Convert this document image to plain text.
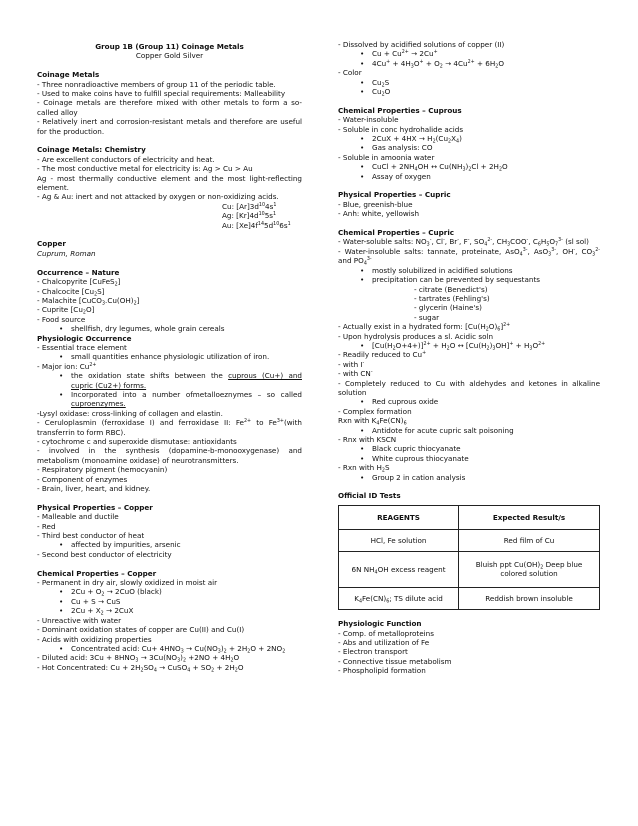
Group 1B (Group 11) Coinage Metals
Copper Gold Silver
Coinage Metals
- Three nonradioactive members of group 11 of the periodic table.
- Used to make coins have to fulfill special requirements: Malleability
- Coinage metals are therefore mixed with other metals to form a so-called alloy
- Relatively inert and corrosion-resistant metals and therefore are useful for the production.
Coinage Metals: Chemistry
- Are excellent conductors of electricity and heat.
- The most conductive metal for electricity is: Ag > Cu > Au
Ag - most thermally conductive element and the most light-reflecting element.
- Ag & Au: inert and not attacked by oxygen or non-oxidizing acids.
Cu: $[Ar]3d^{10}4s^1$
Ag: $[Kr]4d^{10}5s^1$
Au: $[Xe]4f^{14}5d^{10}6s^1$
Copper
Cuprum, Roman
Occurrence – Nature
- Chalcopyrite [CuFeS$_2$]
- Chalcocite $[Cu_2S]$
- Malachite $[CuCO_3.Cu(OH)_2]$
- Cuprite $[Cu_2O]$
- Food source
• shellfish, dry legumes, whole grain cereals
Physiologic Occurrence
- Essential trace element
• small quantities enhance physiologic utilization of iron.
- Major ion: $Cu^{2+}$
• the oxidation state shifts between the cuprous (Cu+) and cupric (Cu2+) forms.
• Incorporated into a number ofmetalloeznymes – so called cuproenzymes.
-Lysyl oxidase: cross-linking of collagen and elastin.
- Ceruloplasmin (ferroxidase I) and ferroxidase II: $Fe^{2+}$ to $Fe^{3+}(with$ transferrin to form RBC).
- cytochrome c and superoxide dismutase: antioxidants
- involved in the synthesis (dopamine-b-monooxygenase) and metabolism (monoamine oxidase) of neurotransmitters.
- Respiratory pigment (hemocyanin)
- Component of enzymes
- Brain, liver, heart, and kidney.
Physical Properties – Copper
- Malleable and ductile
- Red
- Third best conductor of heat
• affected by impurities, arsenic
- Second best conductor of electricity
Chemical Properties – Copper
- Permanent in dry air, slowly oxidized in moist air
• $2Cu + O_2 \to 2CuO$ (black)
• Cu + S → CuS
• $2Cu + X_2 \to 2CuX$
- Unreactive with water
- Dominant oxidation states of copper are Cu(II) and Cu(I)
- Acids with oxidizing properties
• Concentrated acid: $Cu+ 4HNO_3 \to Cu(NO_3)_2 + 2H_2O + 2NO_2$
- Diluted acid: $3Cu + 8HNO_3 \to 3Cu(NO_3)_2 +2NO + 4H_2O$
- Hot Concentrated: $Cu + 2H_2SO_4$ → CuSO$_4$ + $SO_2 + 2H_2O$
- Dissolved by acidified solutions of copper (II)
• $Cu + Cu^{2+} \to 2Cu^+$
• $4Cu^+ + 4H_3O^+ + O_2 \to 4Cu^{2+} + 6H_2O$
- Color
• $Cu_2S$
• $Cu_2O$
Chemical Properties – Cuprous
- Water-insoluble
- Soluble in conc hydrohalide acids
• $2CuX + 4HX \to H_2(Cu_2X_4)$
• Gas analysis: CO
- Soluble in amoonia water
• CuCl + $2NH_4OH$ ↔ $Cu(NH_3)_2Cl + 2H_2O$
• Assay of oxygen
Physical Properties – Cupric
- Blue, greenish-blue
- Anh: white, yellowish
Chemical Properties – Cupric
- Water-soluble salts: $NO_3^-$, Cl-, Br-, F-, $SO_4^{2-}$, $CH_3COO^-$, $C_6H_5O_7^{3-}$ (sl sol)
- Water-insoluble salts: tannate, proteinate, AsO$_4^{3-}$, AsO$_3^{3-}$, OH-, $CO_3^{2-}$ and $PO_4^{3-}$
• mostly solubilized in acidified solutions
• precipitation can be prevented by sequestants
- citrate (Benedict's)
- tartrates (Fehling's)
- glycerin (Haine's)
- sugar
- Actually exist in a hydrated form: $[Cu(H_2O)_6]^{2+}$
- Upon hydrolysis produces a sl. Acidic soln
• $[Cu(H_2O+4+)]^{2+} + H_2O$ ↔ $[Cu(H_2)_3OH]^+ + H_3O^{2+}$
- Readily reduced to Cu+
- with I-
- with CN-
- Completely reduced to Cu with aldehydes and ketones in alkaline solution
• Red cuprous oxide
- Complex formation
Rxn with $K_4Fe(CN)_6$
• Antidote for acute cupric salt poisoning
- Rnx with KSCN
• Black cupric thiocyanate
• White cuprous thiocyanate
- Rxn with $H_2S$
• Group 2 in cation analysis
Official ID Tests
REAGENTS	Expected Result/s
HCl, Fe solution	Red film of Cu
6N $NH_4OH$ excess reagent	Bluish ppt $Cu(OH)_2$ Deep blue colored solution
$K_4Fe(CN)_6$; TS dilute acid	Reddish brown insoluble
Physiologic Function
- Comp. of metalloproteins
- Abs and utilization of Fe
- Electron transport
- Connective tissue metabolism
- Phospholipid formation
